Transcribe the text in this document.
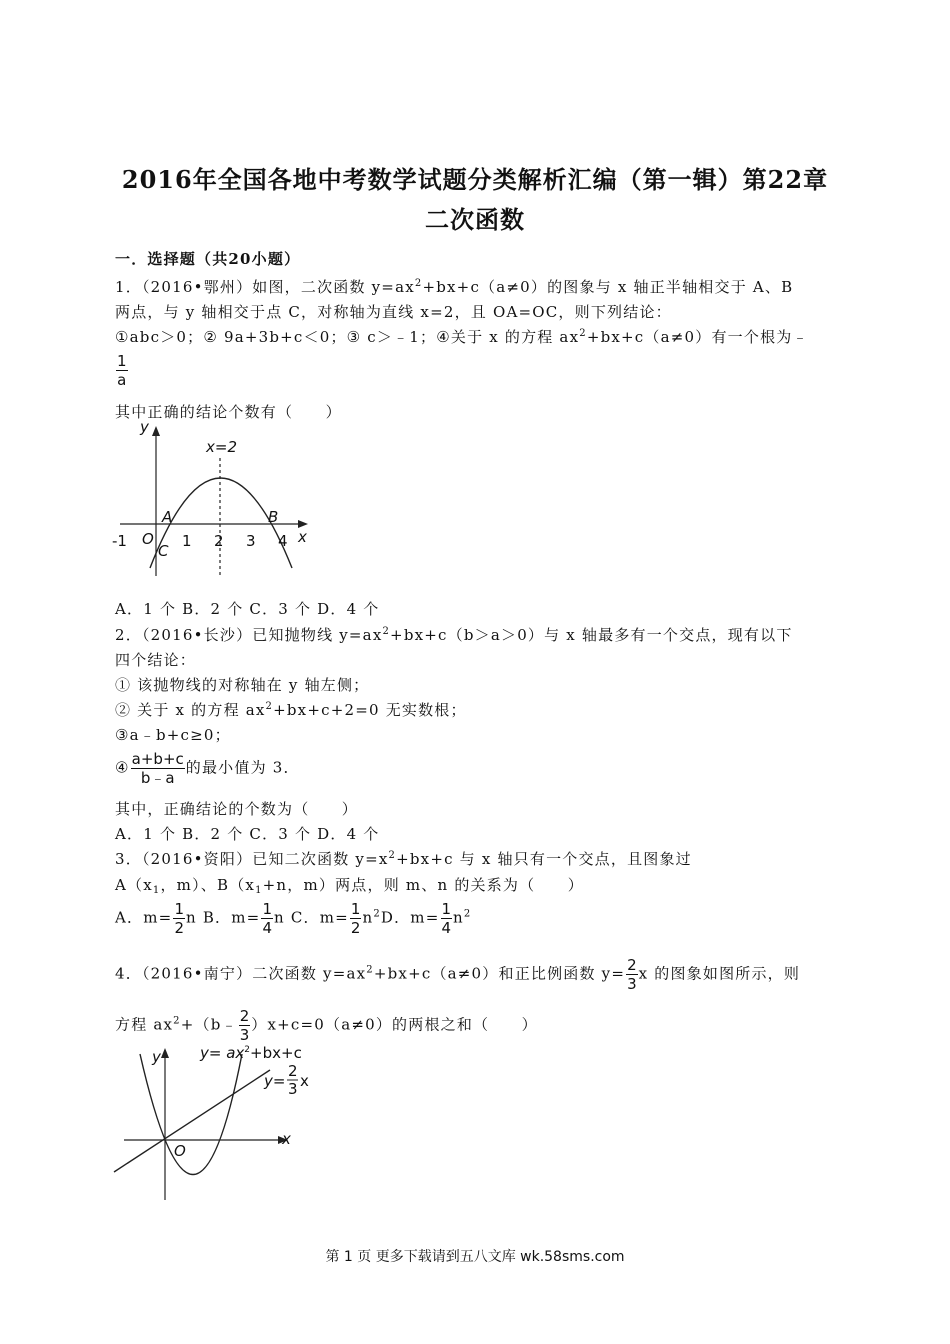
2016年全国各地中考数学试题分类解析汇编（第一辑）第22章
二次函数
一．选择题（共20小题）
1．（2016•鄂州）如图，二次函数 $y=ax^2+bx+c(a\ne 0)$的图象与 x 轴正半轴相交于 A、B
两点，与 y 轴相交于点 C，对称轴为直线 x=2，且 OA=OC，则下列结论：
①abc＞0；② 9a+3b+c＜0；③ c＞﹣1；④关于 x 的方程 $ax^2+bx+c(a\ne 0)$有一个根为﹣
$\frac{1}{a}$
其中正确的结论个数有（　　）
y
x
x=2
A	B
C
O
-1	1 2 3 4
A．1 个 B．2 个 C．3 个 D．4 个
2．（2016•长沙）已知抛物线 $y=ax^2+bx+c(b>a>0)$与 x 轴最多有一个交点，现有以下
四个结论：
① 该抛物线的对称轴在 y 轴左侧；
② 关于 x 的方程 $ax^2+bx+c+2=0$ 无实数根；
③a﹣b+c≥0；
④ $\frac{a+b+c}{b﹣a}$ 的最小值为 3．
其中，正确结论的个数为（　　）
A．1 个 B．2 个 C．3 个 D．4 个
3．（2016•资阳）已知二次函数 $y=x^2+bx+c$ 与 x 轴只有一个交点，且图象过
$A(x_1$，m）、$B(x_1+n$，m）两点，则 m、n 的关系为（　　）
A．$m= \frac{1}{2}$ n B．$m= \frac{1}{4}$ n C．$m= \frac{1}{2} n^2D$．$m= \frac{1}{4} n^2$
4．（2016•南宁）二次函数 $y=ax^2+bx+c(a\ne 0)$和正比例函数 $y= \frac{2}{3}$ x 的图象如图所示，则
方程 $ax^2+(b﹣ \frac{2}{3} )x+c=0(a\ne 0)$的两根之和（　　）
y
x
O
$y= ax^2+bx+c$
y=
2
3 x
第 1 页 更多下载请到五八文库 wk.58sms.com
